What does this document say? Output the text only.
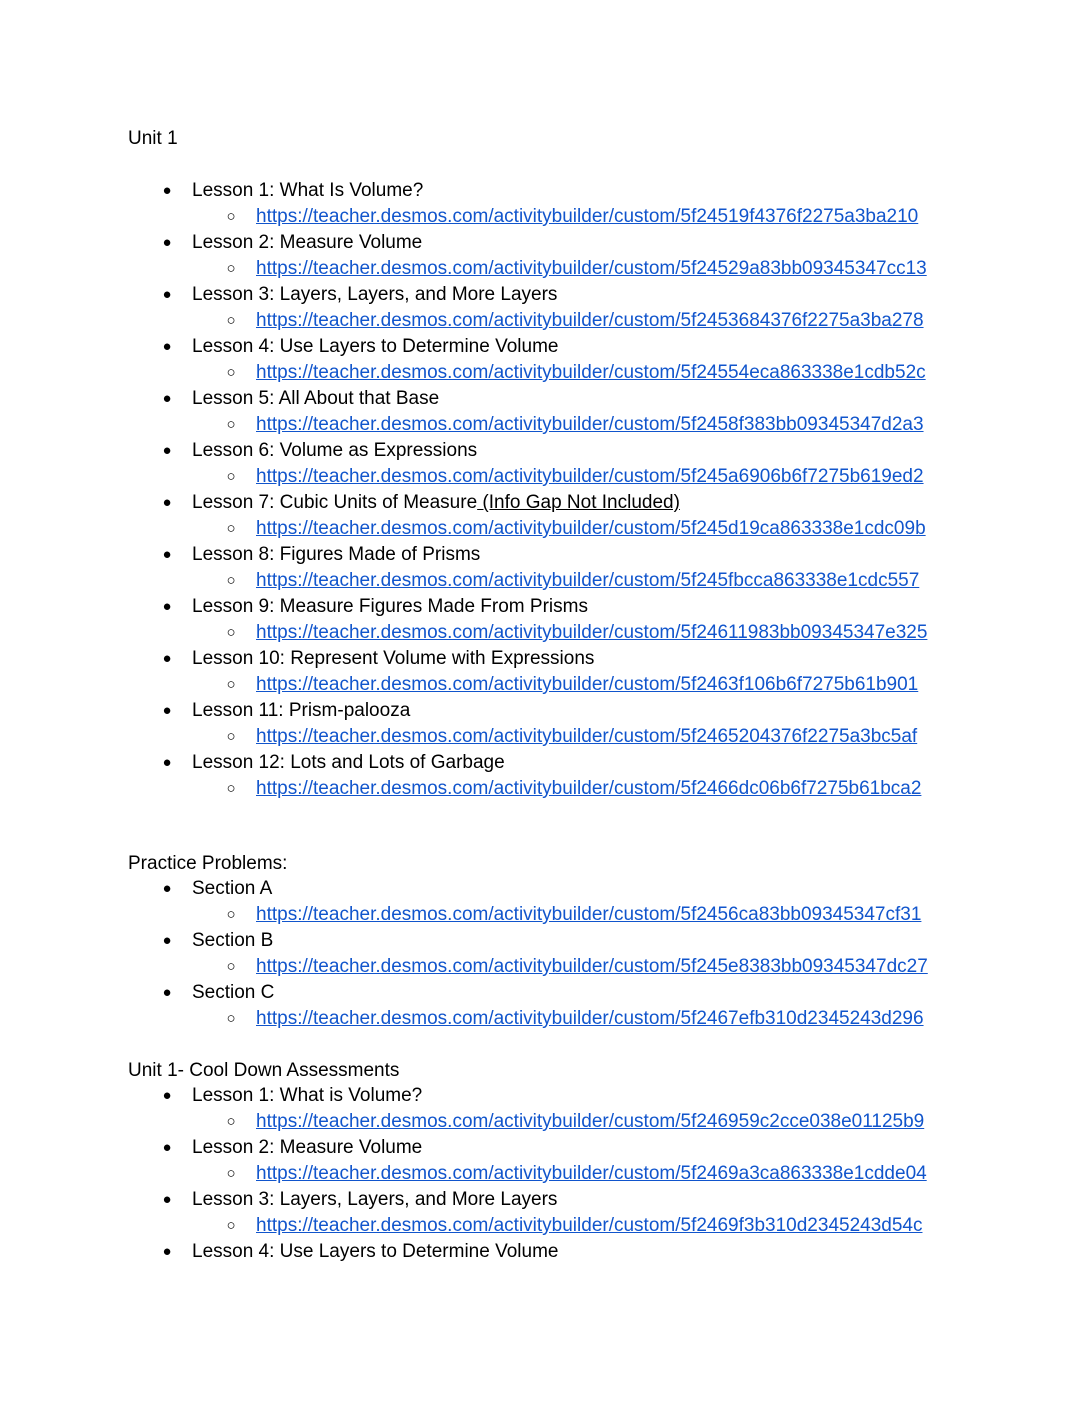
Unit 1
● Lesson 1: What Is Volume?
○ https://teacher.desmos.com/activitybuilder/custom/5f24519f4376f2275a3ba210
● Lesson 2: Measure Volume
○ https://teacher.desmos.com/activitybuilder/custom/5f24529a83bb09345347cc13
● Lesson 3: Layers, Layers, and More Layers
○ https://teacher.desmos.com/activitybuilder/custom/5f2453684376f2275a3ba278
● Lesson 4: Use Layers to Determine Volume
○ https://teacher.desmos.com/activitybuilder/custom/5f24554eca863338e1cdb52c
● Lesson 5: All About that Base
○ https://teacher.desmos.com/activitybuilder/custom/5f2458f383bb09345347d2a3
● Lesson 6: Volume as Expressions
○ https://teacher.desmos.com/activitybuilder/custom/5f245a6906b6f7275b619ed2
● Lesson 7: Cubic Units of Measure (Info Gap Not Included)
○ https://teacher.desmos.com/activitybuilder/custom/5f245d19ca863338e1cdc09b
● Lesson 8: Figures Made of Prisms
○ https://teacher.desmos.com/activitybuilder/custom/5f245fbcca863338e1cdc557
● Lesson 9: Measure Figures Made From Prisms
○ https://teacher.desmos.com/activitybuilder/custom/5f24611983bb09345347e325
● Lesson 10: Represent Volume with Expressions
○ https://teacher.desmos.com/activitybuilder/custom/5f2463f106b6f7275b61b901
● Lesson 11: Prism-palooza
○ https://teacher.desmos.com/activitybuilder/custom/5f2465204376f2275a3bc5af
● Lesson 12: Lots and Lots of Garbage
○ https://teacher.desmos.com/activitybuilder/custom/5f2466dc06b6f7275b61bca2
Practice Problems:
● Section A
○ https://teacher.desmos.com/activitybuilder/custom/5f2456ca83bb09345347cf31
● Section B
○ https://teacher.desmos.com/activitybuilder/custom/5f245e8383bb09345347dc27
● Section C
○ https://teacher.desmos.com/activitybuilder/custom/5f2467efb310d2345243d296
Unit 1- Cool Down Assessments
● Lesson 1: What is Volume?
○ https://teacher.desmos.com/activitybuilder/custom/5f246959c2cce038e01125b9
● Lesson 2: Measure Volume
○ https://teacher.desmos.com/activitybuilder/custom/5f2469a3ca863338e1cdde04
● Lesson 3: Layers, Layers, and More Layers
○ https://teacher.desmos.com/activitybuilder/custom/5f2469f3b310d2345243d54c
● Lesson 4: Use Layers to Determine Volume
